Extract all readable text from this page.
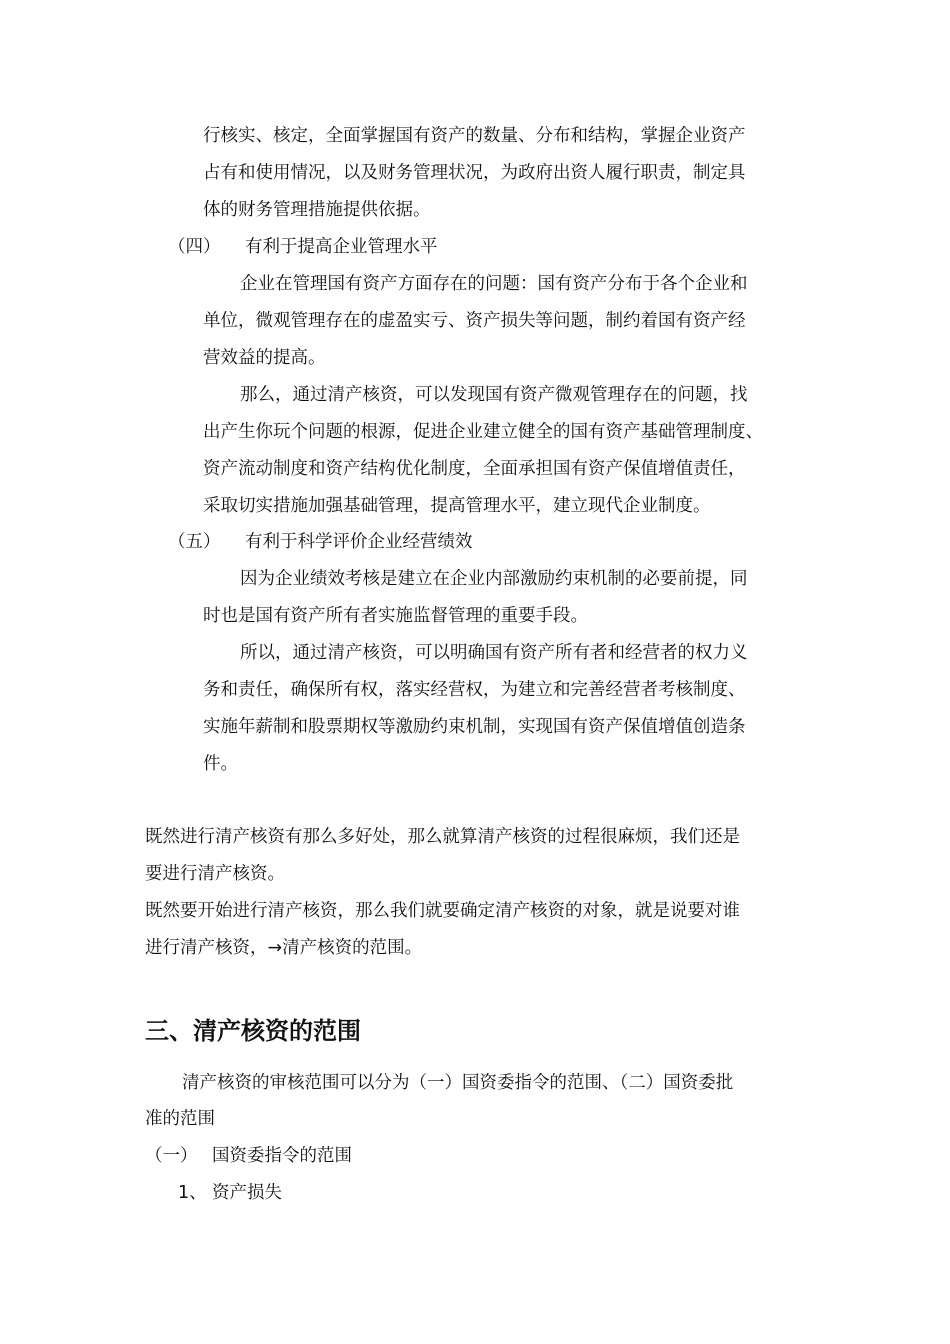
行核实、核定，全面掌握国有资产的数量、分布和结构，掌握企业资产
占有和使用情况，以及财务管理状况，为政府出资人履行职责，制定具
体的财务管理措施提供依据。
（四） 有利于提高企业管理水平
企业在管理国有资产方面存在的问题：国有资产分布于各个企业和
单位，微观管理存在的虚盈实亏、资产损失等问题，制约着国有资产经
营效益的提高。
那么，通过清产核资，可以发现国有资产微观管理存在的问题，找
出产生你玩个问题的根源，促进企业建立健全的国有资产基础管理制度、
资产流动制度和资产结构优化制度，全面承担国有资产保值增值责任，
采取切实措施加强基础管理，提高管理水平，建立现代企业制度。
（五） 有利于科学评价企业经营绩效
因为企业绩效考核是建立在企业内部激励约束机制的必要前提，同
时也是国有资产所有者实施监督管理的重要手段。
所以，通过清产核资，可以明确国有资产所有者和经营者的权力义
务和责任，确保所有权，落实经营权，为建立和完善经营者考核制度、
实施年薪制和股票期权等激励约束机制，实现国有资产保值增值创造条
件。
既然进行清产核资有那么多好处，那么就算清产核资的过程很麻烦，我们还是
要进行清产核资。
既然要开始进行清产核资，那么我们就要确定清产核资的对象，就是说要对谁
进行清产核资，→清产核资的范围。
三、清产核资的范围
清产核资的审核范围可以分为（一）国资委指令的范围、（二）国资委批
准的范围
（一） 国资委指令的范围
1、 资产损失
